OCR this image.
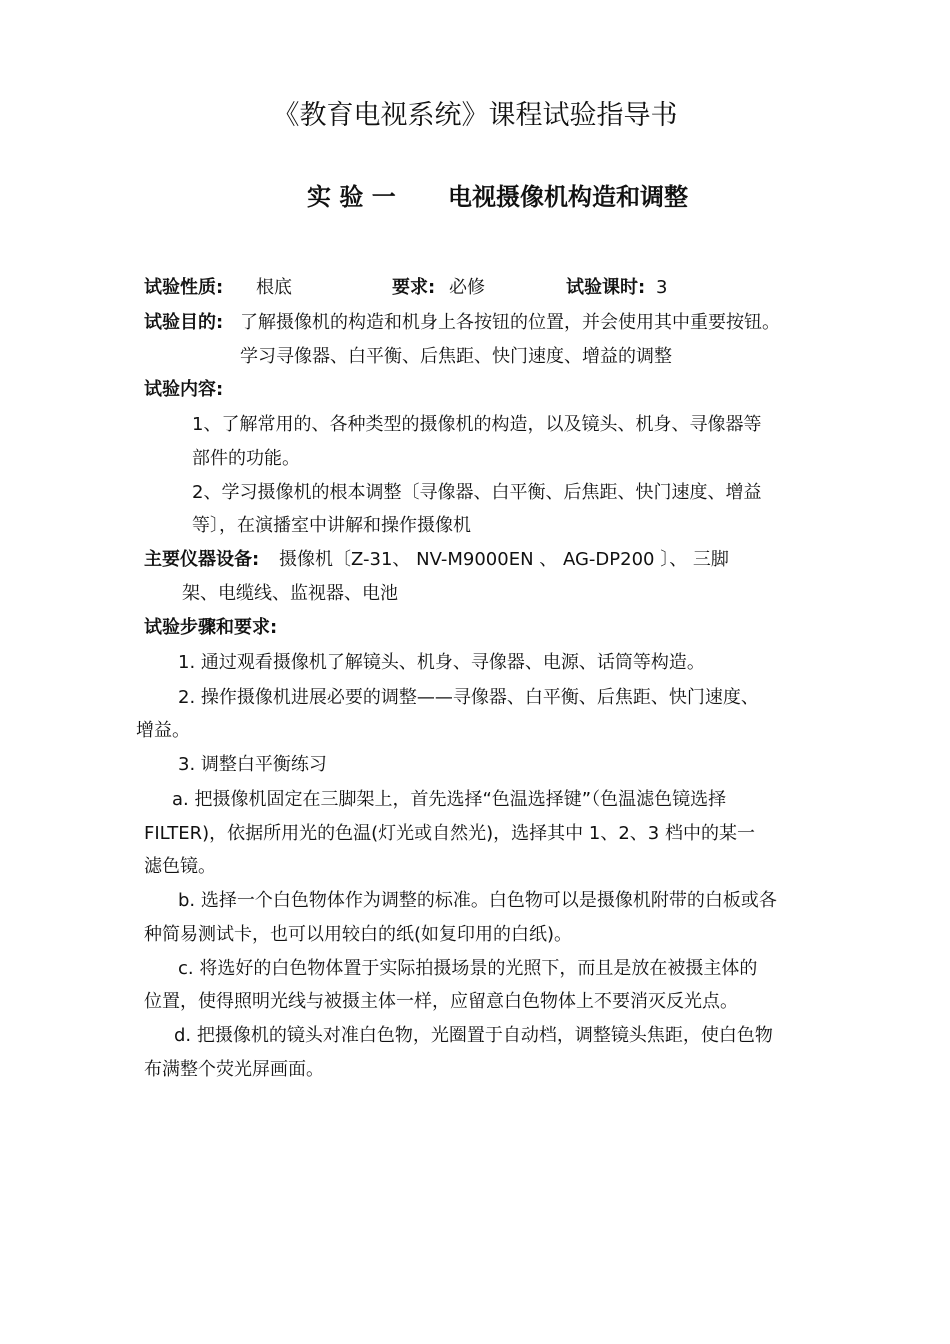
《教育电视系统》课程试验指导书
实 验 一 电视摄像机构造和调整
试验性质: 根底	要求: 必修	试验课时: 3
试验目的: 了解摄像机的构造和机身上各按钮的位置，并会使用其中重要按钮。
学习寻像器、白平衡、后焦距、快门速度、增益的调整
试验内容:
1、了解常用的、各种类型的摄像机的构造，以及镜头、机身、寻像器等
部件的功能。
2、学习摄像机的根本调整〔寻像器、白平衡、后焦距、快门速度、增益
等〕，在演播室中讲解和操作摄像机
主要仪器设备: 摄像机〔Z-31、 NV-M9000EN 、 AG-DP200 〕、 三脚
架、电缆线、监视器、电池
试验步骤和要求:
1. 通过观看摄像机了解镜头、机身、寻像器、电源、话筒等构造。
2. 操作摄像机进展必要的调整——寻像器、白平衡、后焦距、快门速度、
增益。
3. 调整白平衡练习
a. 把摄像机固定在三脚架上，首先选择“色温选择键”（色温滤色镜选择
FILTER)，依据所用光的色温(灯光或自然光)，选择其中 1、2、3 档中的某一
滤色镜。
b. 选择一个白色物体作为调整的标准。白色物可以是摄像机附带的白板或各
种简易测试卡，也可以用较白的纸(如复印用的白纸)。
c. 将选好的白色物体置于实际拍摄场景的光照下，而且是放在被摄主体的
位置，使得照明光线与被摄主体一样，应留意白色物体上不要消灭反光点。
d. 把摄像机的镜头对准白色物，光圈置于自动档，调整镜头焦距，使白色物
布满整个荧光屏画面。
